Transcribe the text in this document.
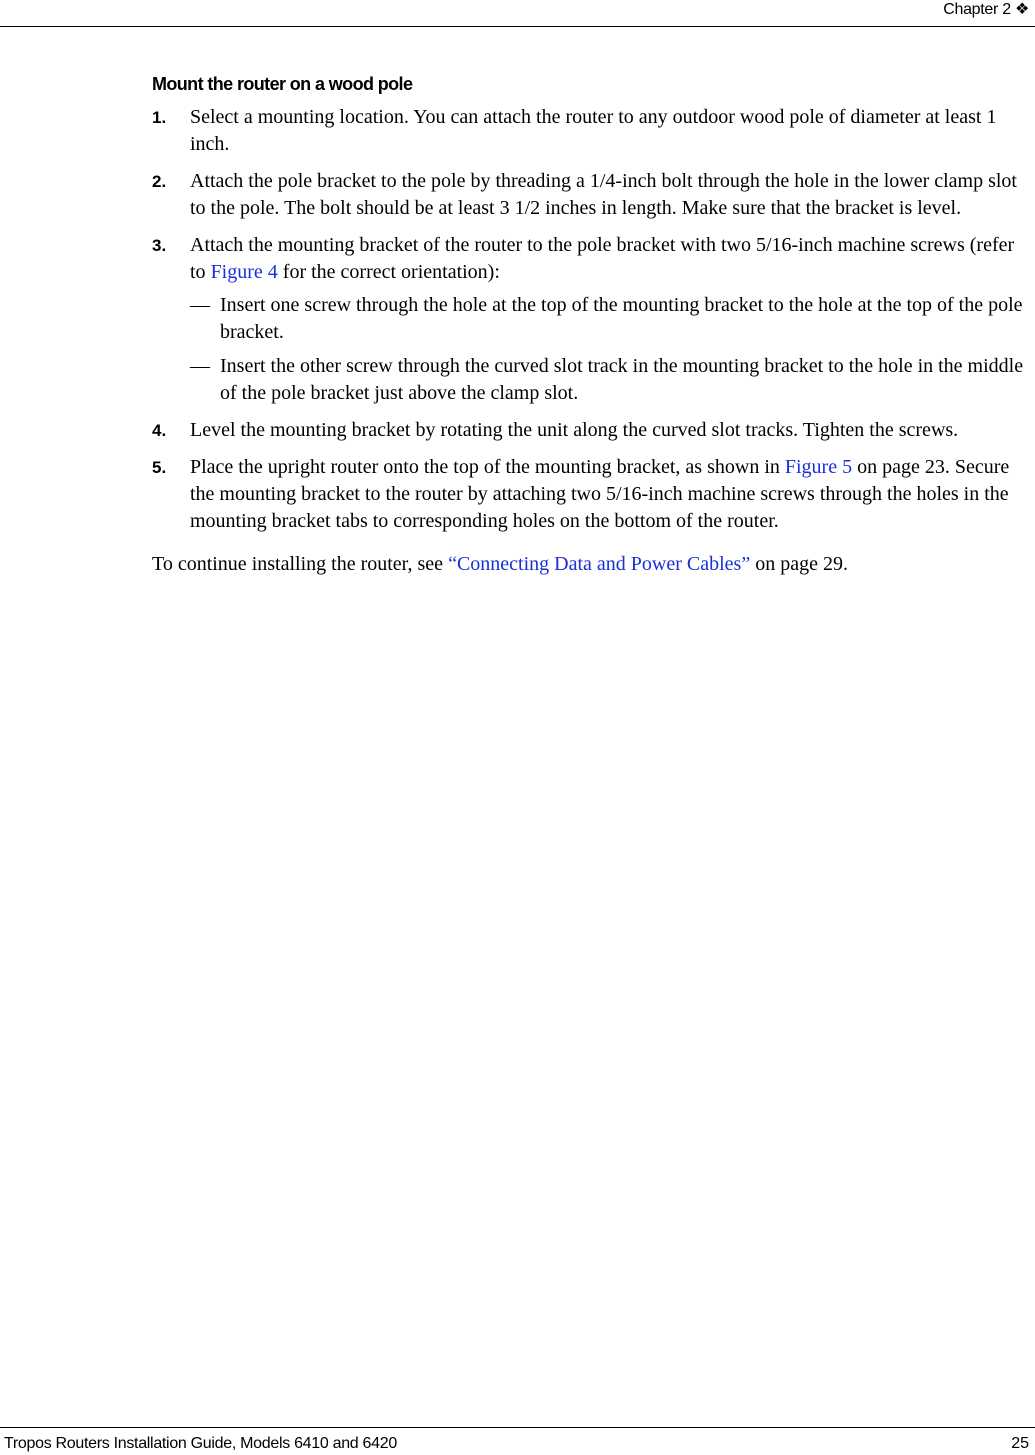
Chapter 2 ❖
Mount the router on a wood pole
1. Select a mounting location. You can attach the router to any outdoor wood pole of diameter at least 1 inch.
2. Attach the pole bracket to the pole by threading a 1/4-inch bolt through the hole in the lower clamp slot to the pole. The bolt should be at least 3 1/2 inches in length. Make sure that the bracket is level.
3. Attach the mounting bracket of the router to the pole bracket with two 5/16-inch machine screws (refer to Figure 4 for the correct orientation):
— Insert one screw through the hole at the top of the mounting bracket to the hole at the top of the pole bracket.
— Insert the other screw through the curved slot track in the mounting bracket to the hole in the middle of the pole bracket just above the clamp slot.
4. Level the mounting bracket by rotating the unit along the curved slot tracks. Tighten the screws.
5. Place the upright router onto the top of the mounting bracket, as shown in Figure 5 on page 23. Secure the mounting bracket to the router by attaching two 5/16-inch machine screws through the holes in the mounting bracket tabs to corresponding holes on the bottom of the router.
To continue installing the router, see “Connecting Data and Power Cables” on page 29.
Tropos Routers Installation Guide, Models 6410 and 6420	25
